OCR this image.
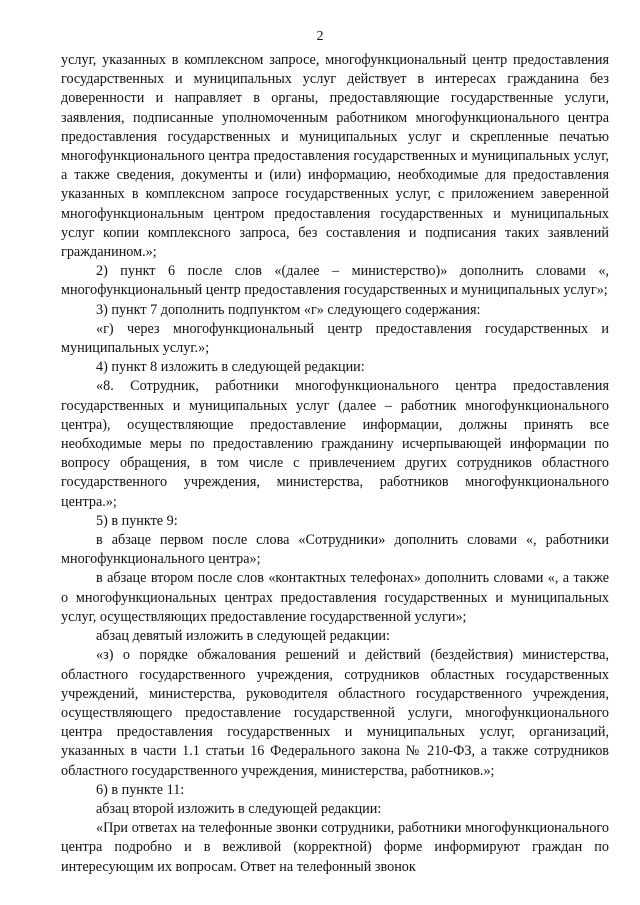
2

услуг, указанных в комплексном запросе, многофункциональный центр предоставления государственных и муниципальных услуг действует в интересах гражданина без доверенности и направляет в органы, предоставляющие государственные услуги, заявления, подписанные уполномоченным работником многофункционального центра предоставления государственных и муниципальных услуг и скрепленные печатью многофункционального центра предоставления государственных и муниципальных услуг, а также сведения, документы и (или) информацию, необходимые для предоставления указанных в комплексном запросе государственных услуг, с приложением заверенной многофункциональным центром предоставления государственных и муниципальных услуг копии комплексного запроса, без составления и подписания таких заявлений гражданином.»;

2) пункт 6 после слов «(далее – министерство)» дополнить словами «, многофункциональный центр предоставления государственных и муниципальных услуг»;

3) пункт 7 дополнить подпунктом «г» следующего содержания:

«г) через многофункциональный центр предоставления государственных и муниципальных услуг.»;

4) пункт 8 изложить в следующей редакции:

«8. Сотрудник, работники многофункционального центра предоставления государственных и муниципальных услуг (далее – работник многофункционального центра), осуществляющие предоставление информации, должны принять все необходимые меры по предоставлению гражданину исчерпывающей информации по вопросу обращения, в том числе с привлечением других сотрудников областного государственного учреждения, министерства, работников многофункционального центра.»;

5) в пункте 9:

в абзаце первом после слова «Сотрудники» дополнить словами «, работники многофункционального центра»;

в абзаце втором после слов «контактных телефонах» дополнить словами «, а также о многофункциональных центрах предоставления государственных и муниципальных услуг, осуществляющих предоставление государственной услуги»;

абзац девятый изложить в следующей редакции:

«з) о порядке обжалования решений и действий (бездействия) министерства, областного государственного учреждения, сотрудников областных государственных учреждений, министерства, руководителя областного государственного учреждения, осуществляющего предоставление государственной услуги, многофункционального центра предоставления государственных и муниципальных услуг, организаций, указанных в части 1.1 статьи 16 Федерального закона № 210-ФЗ, а также сотрудников областного государственного учреждения, министерства, работников.»;

6) в пункте 11:

абзац второй изложить в следующей редакции:

«При ответах на телефонные звонки сотрудники, работники многофункционального центра подробно и в вежливой (корректной) форме информируют граждан по интересующим их вопросам. Ответ на телефонный звонок
